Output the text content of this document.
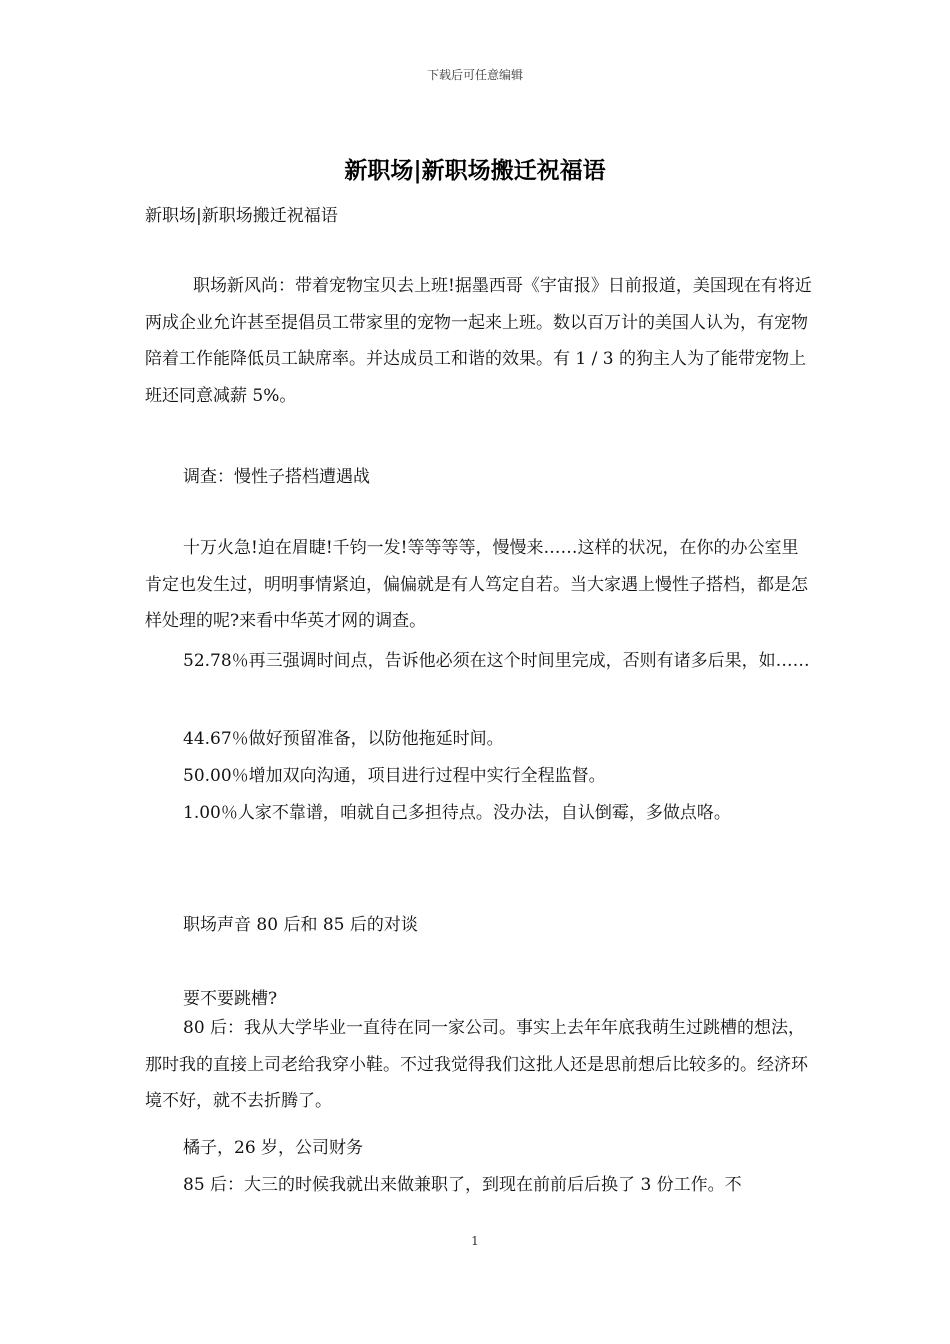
下载后可任意编辑
新职场|新职场搬迁祝福语
新职场|新职场搬迁祝福语

职场新风尚：带着宠物宝贝去上班!据墨西哥《宇宙报》日前报道，美国现在有将近两成企业允许甚至提倡员工带家里的宠物一起来上班。数以百万计的美国人认为，有宠物陪着工作能降低员工缺席率。并达成员工和谐的效果。有 1 / 3 的狗主人为了能带宠物上班还同意减薪 5%。

调查：慢性子搭档遭遇战

十万火急!迫在眉睫!千钧一发!等等等等，慢慢来……这样的状况，在你的办公室里肯定也发生过，明明事情紧迫，偏偏就是有人笃定自若。当大家遇上慢性子搭档，都是怎样处理的呢?来看中华英才网的调查。

52.78％再三强调时间点，告诉他必须在这个时间里完成，否则有诸多后果，如……

44.67％做好预留准备，以防他拖延时间。
50.00％增加双向沟通，项目进行过程中实行全程监督。
1.00％人家不靠谱，咱就自己多担待点。没办法，自认倒霉，多做点咯。
职场声音 80 后和 85 后的对谈
要不要跳槽?

80 后：我从大学毕业一直待在同一家公司。事实上去年年底我萌生过跳槽的想法，那时我的直接上司老给我穿小鞋。不过我觉得我们这批人还是思前想后比较多的。经济环境不好，就不去折腾了。

橘子，26 岁，公司财务
85 后：大三的时候我就出来做兼职了，到现在前前后后换了 3 份工作。不
1
